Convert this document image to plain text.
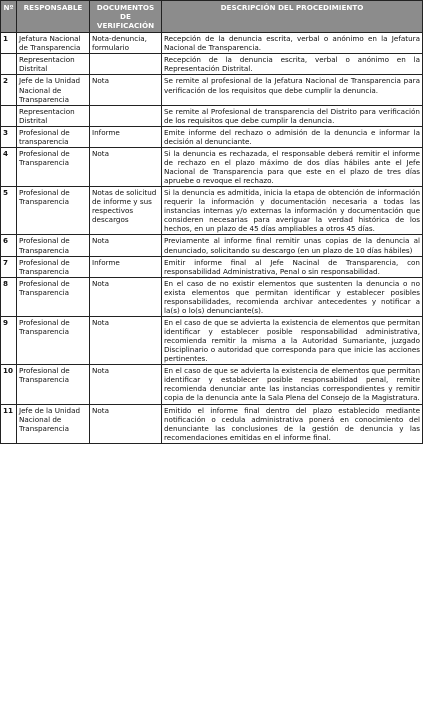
Nº	RESPONSABLE	DOCUMENTOS DE VERIFICACIÓN	DESCRIPCIÓN DEL PROCEDIMIENTO
1	Jefatura Nacional de Transparencia	Nota-denuncia, formulario	Recepción de la denuncia escrita, verbal o anónimo en la Jefatura Nacional de Transparencia.
	Representacion Distrital		Recepción de la denuncia escrita, verbal o anónimo en la Representación Distrital.
2	Jefe de la Unidad Nacional de Transparencia	Nota	Se remite al profesional de la Jefatura Nacional de Transparencia para verificación de los requisitos que debe cumplir la denuncia.
	Representacion Distrital		Se remite al Profesional de transparencia del Distrito para verificación de los requisitos que debe cumplir la denuncia.
3	Profesional de transparencia	Informe	Emite informe del rechazo o admisión de la denuncia e informar la decisión al denunciante.
4	Profesional de Transparencia	Nota	Si la denuncia es rechazada, el responsable deberá remitir el informe de rechazo en el plazo máximo de dos días hábiles ante el Jefe Nacional de Transparencia para que este en el plazo de tres días apruebe o revoque el rechazo.
5	Profesional de Transparencia	Notas de solicitud de informe y sus respectivos descargos	Si la denuncia es admitida, inicia la etapa de obtención de información requerir la información y documentación necesaria a todas las instancias internas y/o externas la información y documentación que consideren necesarias para averiguar la verdad histórica de los hechos, en un plazo de 45 días ampliables a otros 45 días.
6	Profesional de Transparencia	Nota	Previamente al informe final remitir unas copias de la denuncia al denunciado, solicitando su descargo (en un plazo de 10 días hábiles)
7	Profesional de Transparencia	Informe	Emitir informe final al Jefe Nacinal de Transparencia, con responsabilidad Administrativa, Penal o sin responsabilidad.
8	Profesional de Transparencia	Nota	En el caso de no existir elementos que sustenten la denuncia o no exista elementos que permitan identificar y establecer posibles responsabilidades, recomienda archivar antecedentes y notificar a la(s) o lo(s) denunciante(s).
9	Profesional de Transparencia	Nota	En el caso de que se advierta la existencia de elementos que permitan identificar y establecer posible responsabilidad administrativa, recomienda remitir la misma a la Autoridad Sumariante, juzgado Disciplinario o autoridad que corresponda para que inicie las acciones pertinentes.
10	Profesional de Transparencia	Nota	En el caso de que se advierta la existencia de elementos que permitan identificar y establecer posible responsabilidad penal, remite recomienda denunciar ante las instancias correspondientes y remitir copia de la denuncia ante la Sala Plena del Consejo de la Magistratura.
11	Jefe de la Unidad Nacional de Transparencia	Nota	Emitido el informe final dentro del plazo establecido mediante notificación o cedula administrativa ponerá en conocimiento del denunciante las conclusiones de la gestión de denuncia y las recomendaciones emitidas en el informe final.
